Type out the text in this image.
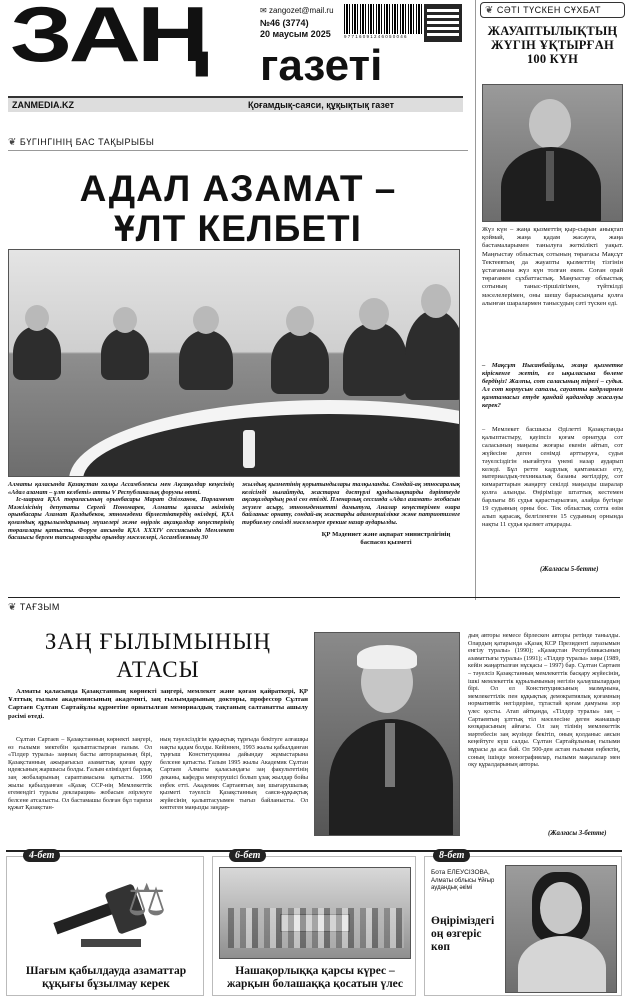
ЗАҢ газеті
✉ zangozet@mail.ru
№46 (3774)
20 маусым 2025	9 7 7 1 6 0 9 1 2 4 6 0 5 0 0 4 6
ZANMEDIA.KZ	Қоғамдық-саяси, құқықтық газет
❦ СӘТІ ТҮСКЕН СҰХБАТ
ЖАУАПТЫЛЫҚТЫҢ ЖҮГІН ҰҚТЫРҒАН 100 КҮН
Жүз күн – жаңа қызметтің қыр-сырын анықтап қоймай, жаңа қадам жасауға, жаңа бастамаларымен танылуға жеткілікті уақыт. Маңғыстау облыстық сотының төрағасы Мақсұт Тектеевтың да жауапты қызметтің тізгінін ұстағанына жүз күн толған екен. Соған орай төрағамен сұхбаттастық. Маңғыстау облыстық сотының таныс-тіршілігімен, түйткілді мәселелерімен, оны шешу барысындағы қолға алынған шаралармен танысудың сәті түскен еді.
– Мақсұт Нысанбайұлы, жаңа қызметке кіріскенге жетіп, ел ықыласына бөлене бердіңіз! Жалпы, сот саласының тірегі – судья. Ал сот корпусын сапалы, сауатты кадрлармен қамтамасыз етуде қандай қадамдар жасалуы керек?
– Мемлекет басшысы Әділетті Қазақстанды қалыптастыру, қауіпсіз қоғам орнатуда сот саласының маңызы жоғары екенін айтып, сот жүйесіне деген сенімді арттыруға, судья тәуелсіздігін нығайтуға үнемі назар аударып келеді. Бұл ретте кадрлық қамтамасыз ету, материалдық-техникалық базаны жетілдіру, сот кимараттарын жаңарту секілді маңызды шаралар қолға алынды. Өңірімізде штаттық кестемен барлығы 86 судья қарастырылған, алайда бүгінде 19 судьяның орны бос. Тек облыстық сотта өзім алып қарасақ, белгіленген 15 судьяның орнында нақты 11 судья қызмет атқарады.
(Жалғасы 5-бетте)
❦ БҮГІНГІНІҢ БАС ТАҚЫРЫБЫ
АДАЛ АЗАМАТ –
ҰЛТ КЕЛБЕТІ
Алматы қаласында Қазақстан халқы Ассамблеясы мен Ақсақалдар кеңесінің «Адал азамат – ұлт келбеті» атты V Республикалық форумы өтті.
Іс-шараға ҚХА төрағасының орынбасары Марат Әзілханов, Парламент Мәжілісінің депутаты Сергей Пономарев, Алматы қаласы әкімінің орынбасары Азамат Қалдыбеков, этномәдени бірлестіктердің өкілдері, ҚХА қоғамдық құрылымдарының мүшелері және өңірлік ақсақалдар кеңестерінің төрағалары қатысты. Форум аясында ҚХА ХХХІV сессиясында Мемлекет басшысы берген тапсырмаларды орындау мәселелері, Ассамблеяның 30
жылдық қызметінің қорытындылары талқыланды. Сондай-ақ этносаралық келісімді нығайтуда, жастарға дәстүрлі құндылықтарды дәріптеуде ақсақалдардың рөлі сөз етілді. Пленарлық сессияда «Адал азамат» жобасын жүзеге асыру, этномәдениетті дамытуға, Аналар кеңестерімен өзара байланыс орнату, сондай-ақ жастарды адамгершілікке және патриотизмге тәрбиелеу секілді мәселелерге ерекше назар аударылды.
ҚР Мәдениет және ақпарат министрлігінің баспасөз қызметі
❦ ТАҒЗЫМ
ЗАҢ ҒЫЛЫМЫНЫҢ
АТАСЫ
Алматы қаласында Қазақстанның көрнекті заңгері, мемлекет және қоғам қайраткері, ҚР Ұлттық ғылым академиясының академигі, заң ғылымдарының докторы, профессор Сұлтан Сартаев Сұлтан Сартайұлы құрметіне орнатылған мемориалдық тақтаның салтанатты ашылу рәсімі өтеді.
Сұлтан Сартаев – Қазақстанның көрнекті заңгері, өз ғылыми мектебін қалыптастырған ғалым. Ол «Тілдер туралы» заңның басты авторларының бірі, Қазақстанның ажырағысыз азаматтық қоғам құру идеясының жаршысы болды. Ғалым еліміздегі барлық заң жобаларының сараптамасына қатысты. 1990 жылы қабылданған «Қазақ ССР-нің Мемлекеттік егемендігі туралы декларация» жобасын әзірлеуге белсене атсалысты. Ол бастамашы болған бұл тарихи құжат Қазақстан-
ның тәуелсіздігін құқықтық тұрғыда бекітуге алғашқы нақты қадам болды. Кейіннен, 1993 жылы қабылданған тұңғыш Конституцияны дайындау жұмыстарына белсене қатысты. Ғалым 1995 жылы Академик Сұлтан Сартаев Алматы қаласындағы заң факультетінің деканы, кафедра меңгерушісі болып ұзақ жылдар бойы еңбек етті. Академик Сартаевтың заң шығарушылық қызметі тәуелсіз Қазақстанның саяси-құқықтық жүйесінің қалыптасуымен тығыз байланысты. Ол көптеген маңызды заңдар-
дың авторы немесе бірлескен авторы ретінде танылды. Олардың қатарында «Қазақ КСР Президенті лауазымын енгізу туралы» (1990); «Қазақстан Республикасының азаматтығы туралы» (1991); «Тілдер туралы» заңы (1989, кейін жаңартылған нұсқасы – 1997) бар. Сұлтан Сартаев – тәуелсіз Қазақстанның мемлекеттік басқару жүйесінің, ішкі мемлекеттік құрылымының негізін қалаушылардың бірі. Ол ел Конституциясының мазмұнына, мемлекеттілік пен құқықтық демократиялық қоғамның нормативтік негіздеріне, тұтастай қоғам дамуына зор үлес қосты. Атап айтқанда, «Тілдер туралы» заң – Сартаевтың ұлттық тіл мәселесіне деген жанашыр көзқарасының айғағы. Ол заң тілінің мемлекеттік мәртебесін заң жүзінде бекітіп, оның қолданыс аясын кеңейтуге күш салды. Сұлтан Сартайұлының ғылыми мұрасы да аса бай. Ол 500-ден астам ғылыми еңбектің, соның ішінде монографиялар, ғылыми мақалалар мен оқу құралдарының авторы.
(Жалғасы 3-бетте)
4-бет
⚖
Шағым қабылдауда азаматтар құқығы бұзылмау керек
6-бет
Нашақорлыққа қарсы күрес – жарқын болашаққа қосатын үлес
8-бет
Бота ЕЛЕУСІЗОВА,
Алматы облысы Ұйғыр аудандық әкімі
Өңіріміздегі оң өзгеріс көп
